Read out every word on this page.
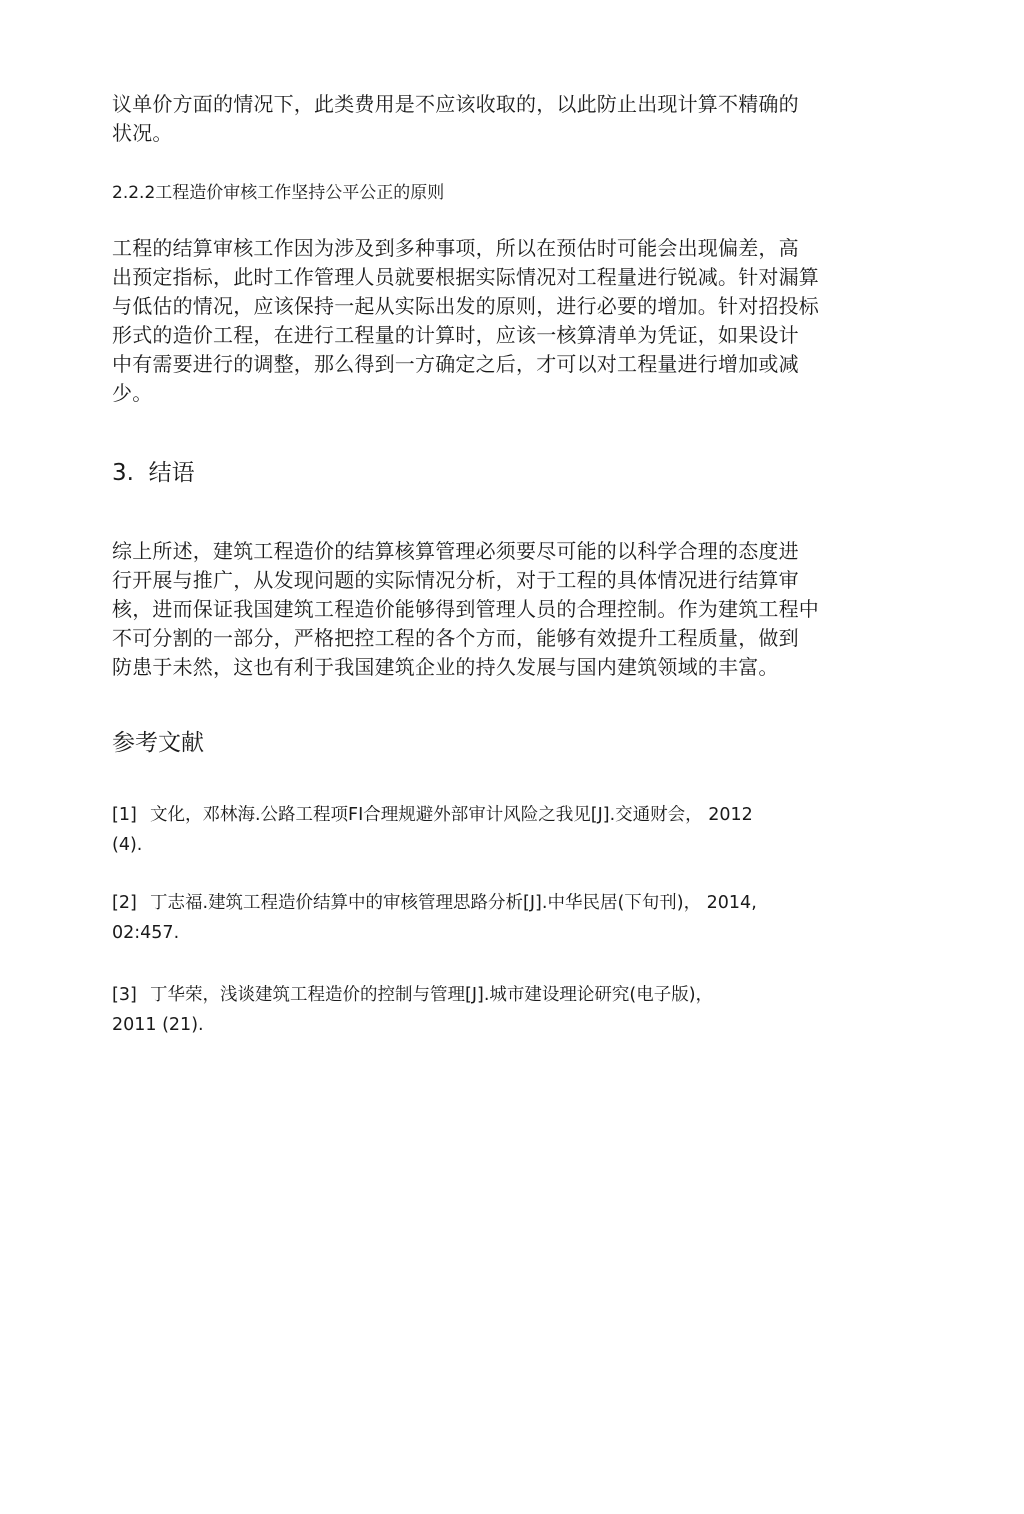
议单价方面的情况下，此类费用是不应该收取的，以此防止出现计算不精确的
状况。
2.2.2工程造价审核工作坚持公平公正的原则
工程的结算审核工作因为涉及到多种事项，所以在预估时可能会出现偏差，高
出预定指标，此时工作管理人员就要根据实际情况对工程量进行锐减。针对漏算
与低估的情况，应该保持一起从实际出发的原则，进行必要的增加。针对招投标
形式的造价工程，在进行工程量的计算时，应该一核算清单为凭证，如果设计
中有需要进行的调整，那么得到一方确定之后，才可以对工程量进行增加或减
少。
3.  结语
综上所述，建筑工程造价的结算核算管理必须要尽可能的以科学合理的态度进
行开展与推广，从发现问题的实际情况分析，对于工程的具体情况进行结算审
核，进而保证我国建筑工程造价能够得到管理人员的合理控制。作为建筑工程中
不可分割的一部分，严格把控工程的各个方而，能够有效提升工程质量，做到
防患于未然，这也有利于我国建筑企业的持久发展与国内建筑领域的丰富。
参考文献
[1] 文化，邓林海.公路工程项FI合理规避外部审计风险之我见[J].交通财会， 2012
(4).
[2] 丁志福.建筑工程造价结算中的审核管理思路分析[J].中华民居(下旬刊)， 2014,
02:457.
[3] 丁华荣，浅谈建筑工程造价的控制与管理[J].城市建设理论研究(电子版)，
2011 (21).
